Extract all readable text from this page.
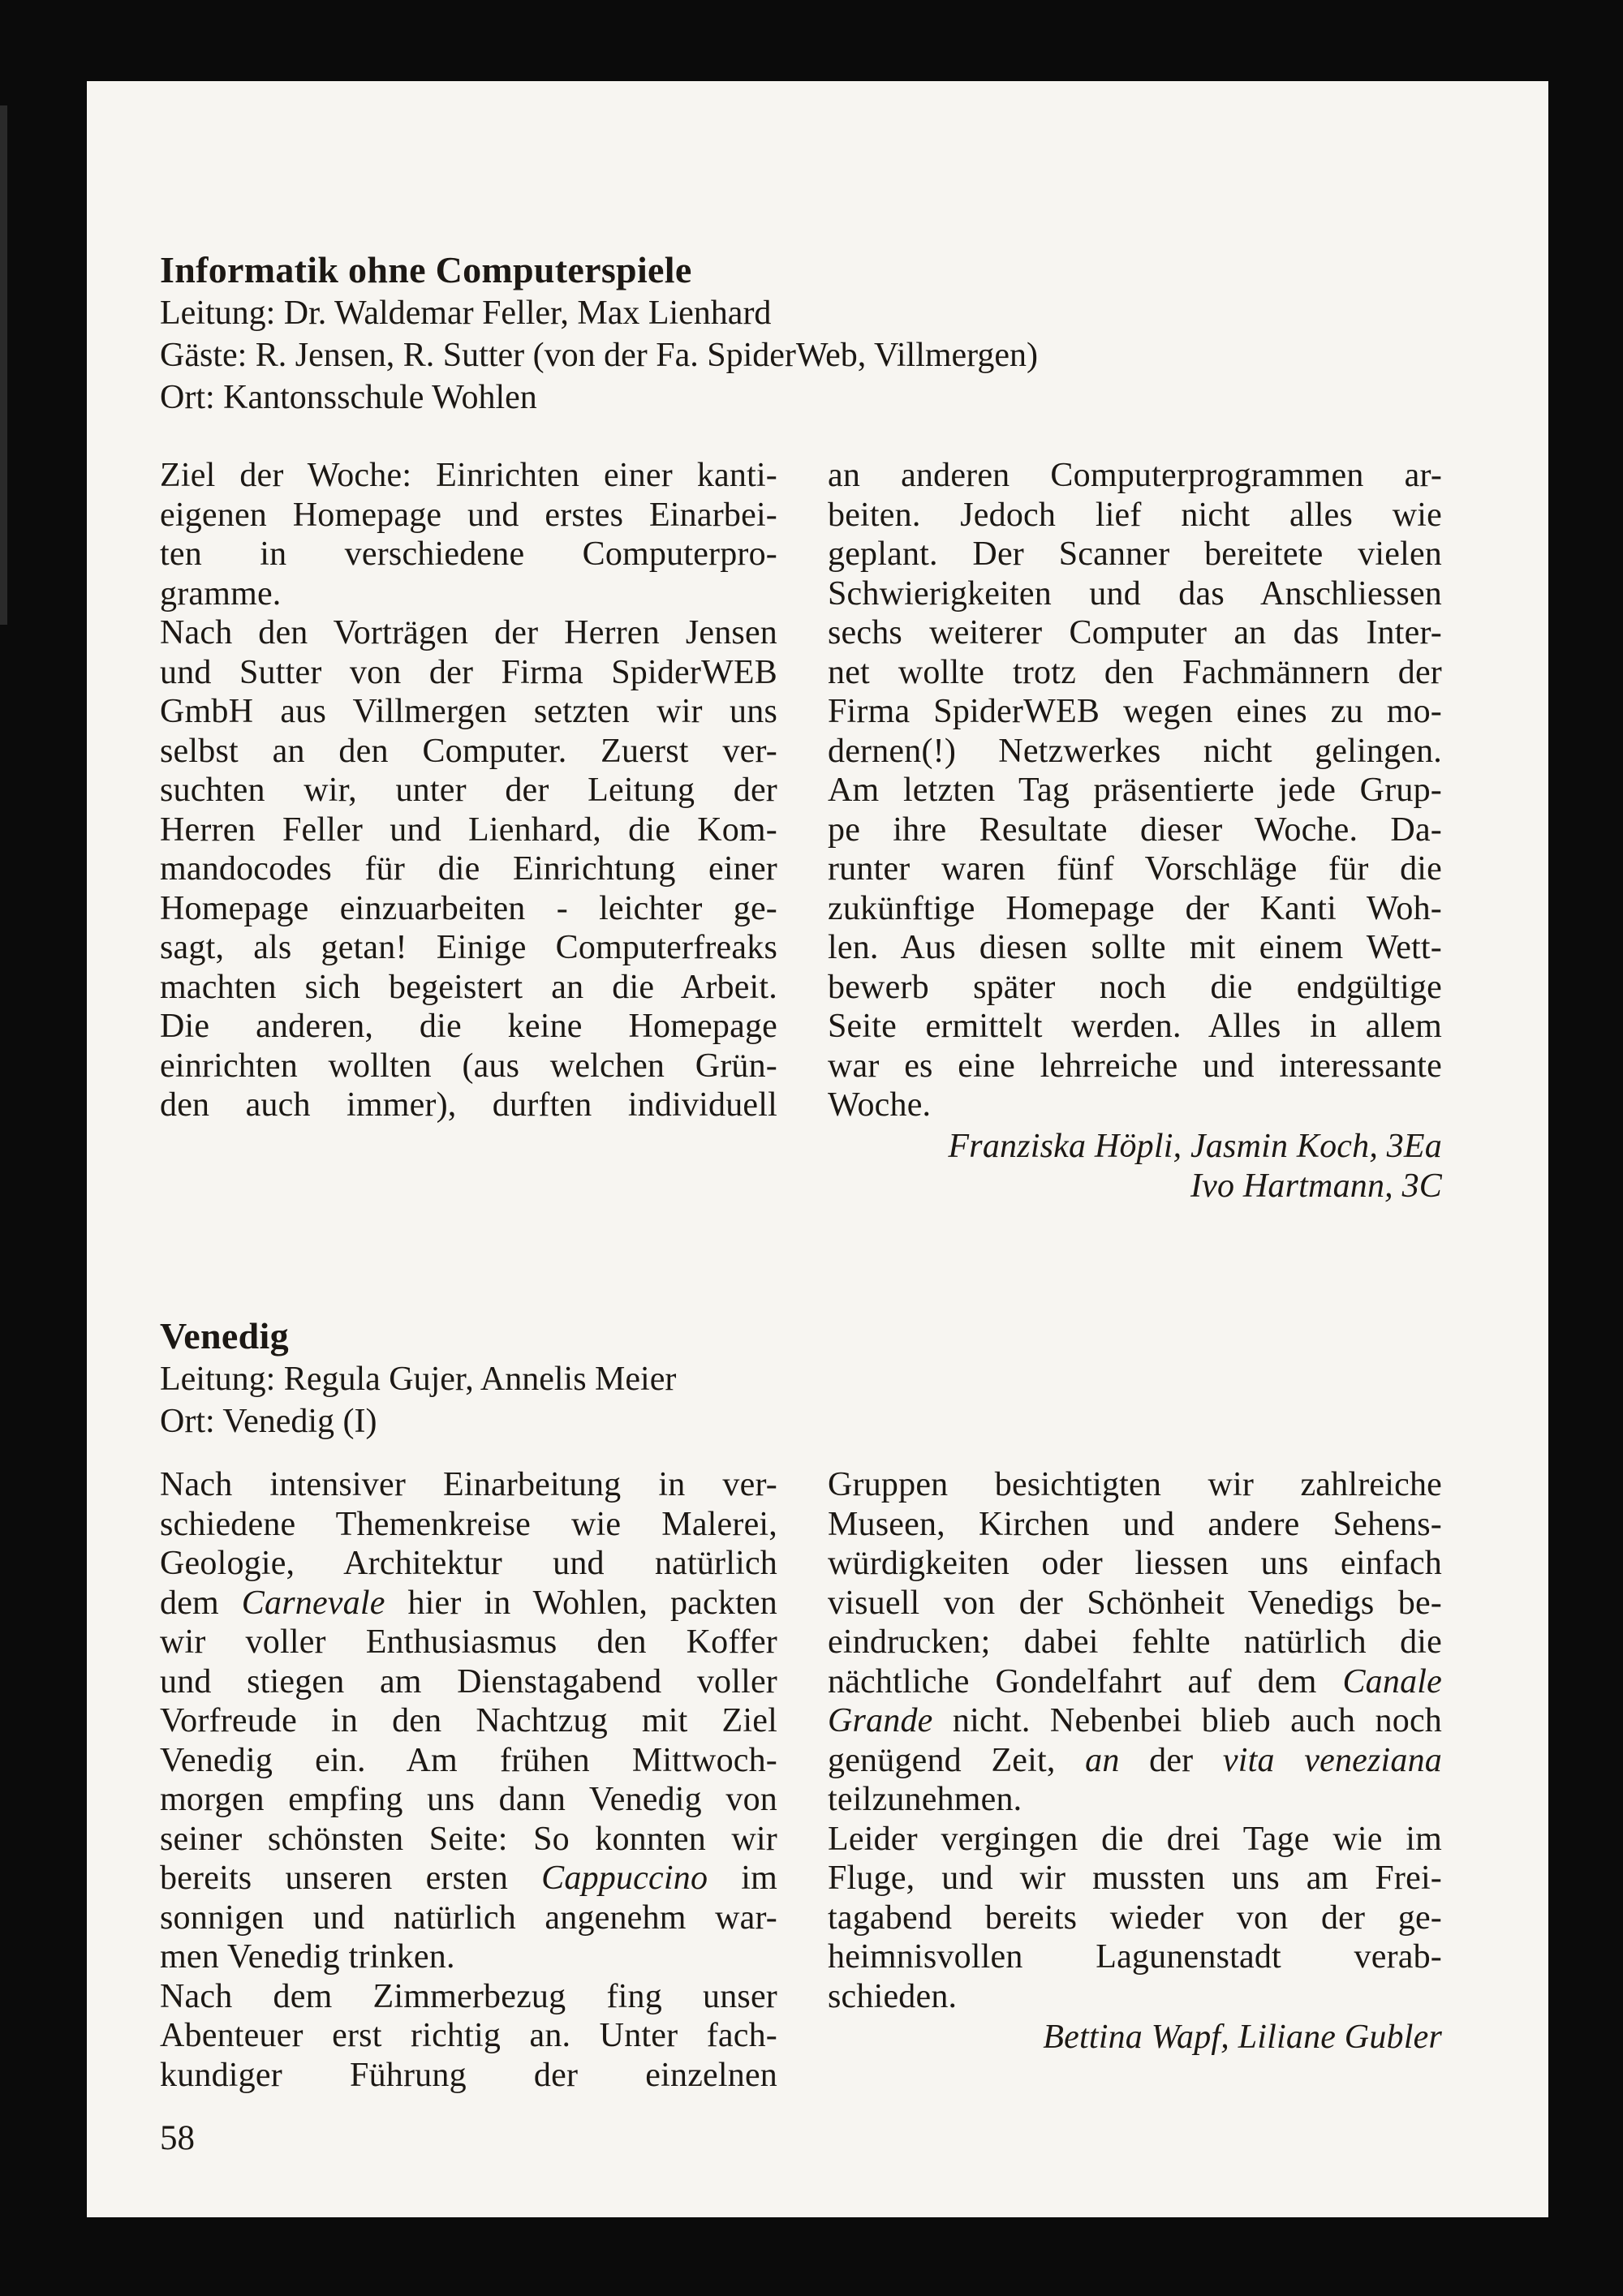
Informatik ohne Computerspiele
Leitung: Dr. Waldemar Feller, Max Lienhard
Gäste: R. Jensen, R. Sutter (von der Fa. SpiderWeb, Villmergen)
Ort: Kantonsschule Wohlen
Ziel der Woche: Einrichten einer kanti-
eigenen Homepage und erstes Einarbei-
ten in verschiedene Computerpro-
gramme.
Nach den Vorträgen der Herren Jensen
und Sutter von der Firma SpiderWEB
GmbH aus Villmergen setzten wir uns
selbst an den Computer. Zuerst ver-
suchten wir, unter der Leitung der
Herren Feller und Lienhard, die Kom-
mandocodes für die Einrichtung einer
Homepage einzuarbeiten - leichter ge-
sagt, als getan! Einige Computerfreaks
machten sich begeistert an die Arbeit.
Die anderen, die keine Homepage
einrichten wollten (aus welchen Grün-
den auch immer), durften individuell
an anderen Computerprogrammen ar-
beiten. Jedoch lief nicht alles wie
geplant. Der Scanner bereitete vielen
Schwierigkeiten und das Anschliessen
sechs weiterer Computer an das Inter-
net wollte trotz den Fachmännern der
Firma SpiderWEB wegen eines zu mo-
dernen(!) Netzwerkes nicht gelingen.
Am letzten Tag präsentierte jede Grup-
pe ihre Resultate dieser Woche. Da-
runter waren fünf Vorschläge für die
zukünftige Homepage der Kanti Woh-
len. Aus diesen sollte mit einem Wett-
bewerb später noch die endgültige
Seite ermittelt werden. Alles in allem
war es eine lehrreiche und interessante
Woche.
Franziska Höpli, Jasmin Koch, 3Ea
Ivo Hartmann, 3C
Venedig
Leitung: Regula Gujer, Annelis Meier
Ort: Venedig (I)
Nach intensiver Einarbeitung in ver-
schiedene Themenkreise wie Malerei,
Geologie, Architektur und natürlich
dem Carnevale hier in Wohlen, packten
wir voller Enthusiasmus den Koffer
und stiegen am Dienstagabend voller
Vorfreude in den Nachtzug mit Ziel
Venedig ein. Am frühen Mittwoch-
morgen empfing uns dann Venedig von
seiner schönsten Seite: So konnten wir
bereits unseren ersten Cappuccino im
sonnigen und natürlich angenehm war-
men Venedig trinken.
Nach dem Zimmerbezug fing unser
Abenteuer erst richtig an. Unter fach-
kundiger Führung der einzelnen
Gruppen besichtigten wir zahlreiche
Museen, Kirchen und andere Sehens-
würdigkeiten oder liessen uns einfach
visuell von der Schönheit Venedigs be-
eindrucken; dabei fehlte natürlich die
nächtliche Gondelfahrt auf dem Canale
Grande nicht. Nebenbei blieb auch noch
genügend Zeit, an der vita veneziana
teilzunehmen.
Leider vergingen die drei Tage wie im
Fluge, und wir mussten uns am Frei-
tagabend bereits wieder von der ge-
heimnisvollen Lagunenstadt verab-
schieden.
Bettina Wapf, Liliane Gubler
58
